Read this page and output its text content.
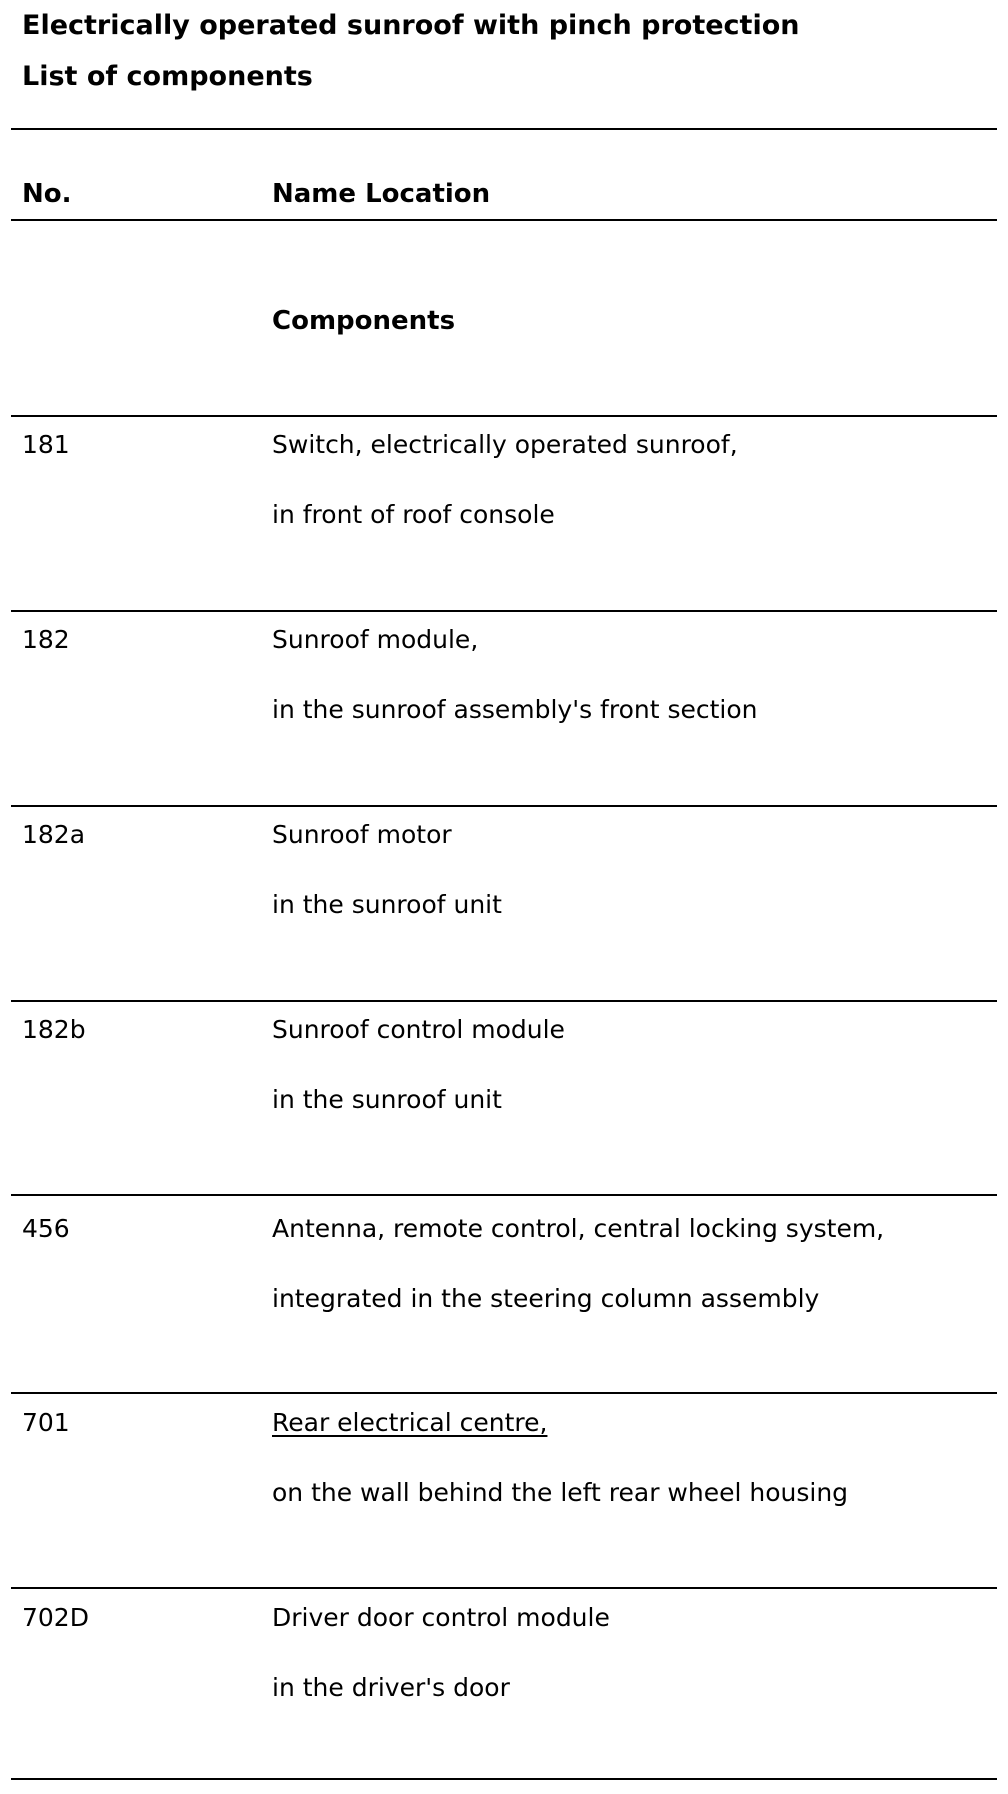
Electrically operated sunroof with pinch protection
List of components
No.	Name Location
Components
181	Switch, electrically operated sunroof,
in front of roof console
182	Sunroof module,
in the sunroof assembly's front section
182a	Sunroof motor
in the sunroof unit
182b	Sunroof control module
in the sunroof unit
456	Antenna, remote control, central locking system,
integrated in the steering column assembly
701	Rear electrical centre,
on the wall behind the left rear wheel housing
702D	Driver door control module
in the driver's door
